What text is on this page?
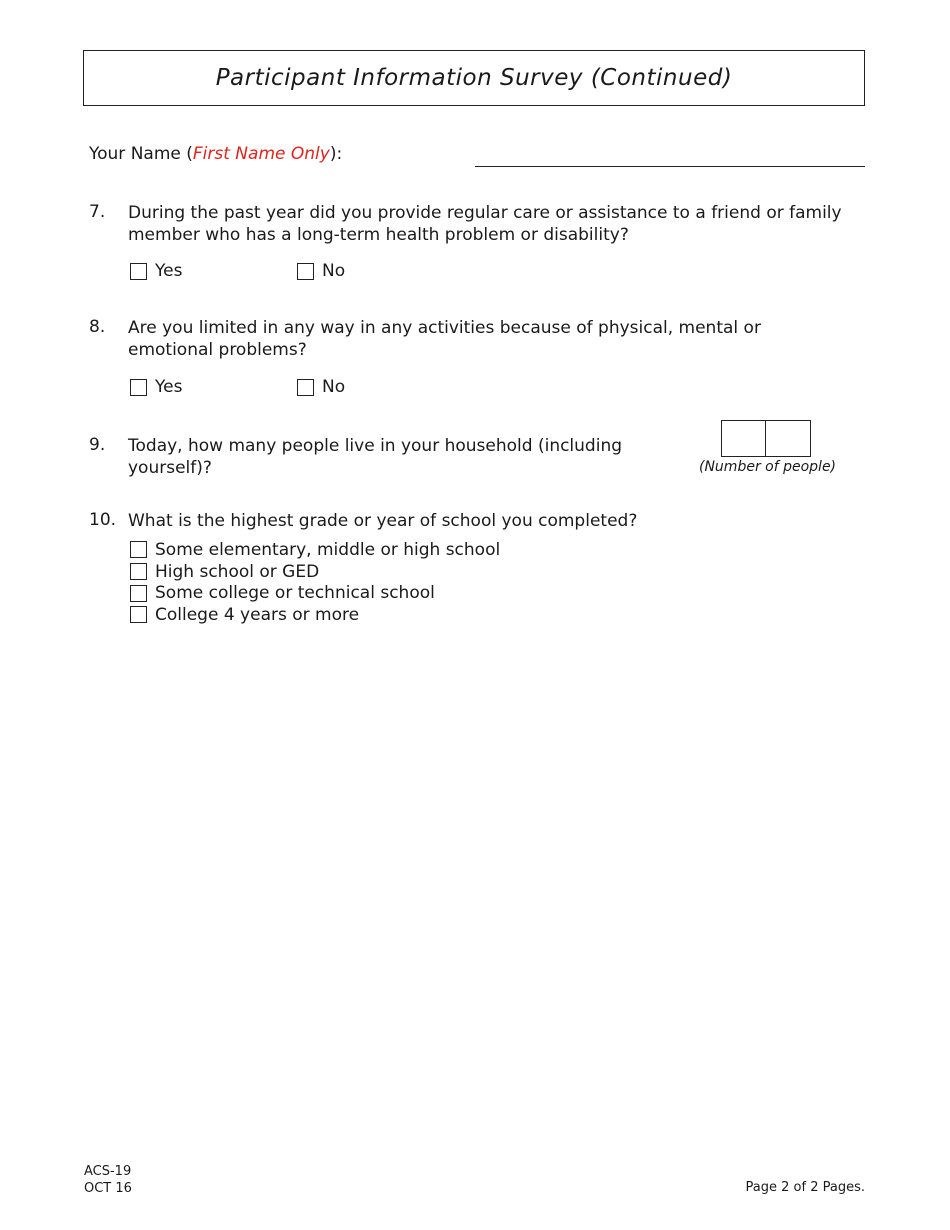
Participant Information Survey (Continued)
Your Name (First Name Only):
7. During the past year did you provide regular care or assistance to a friend or family member who has a long-term health problem or disability?
Yes	No
8. Are you limited in any way in any activities because of physical, mental or emotional problems?
Yes	No
9. Today, how many people live in your household (including yourself)?	(Number of people)
10. What is the highest grade or year of school you completed?
Some elementary, middle or high school
High school or GED
Some college or technical school
College 4 years or more
ACS-19
OCT 16	Page 2 of 2 Pages.
